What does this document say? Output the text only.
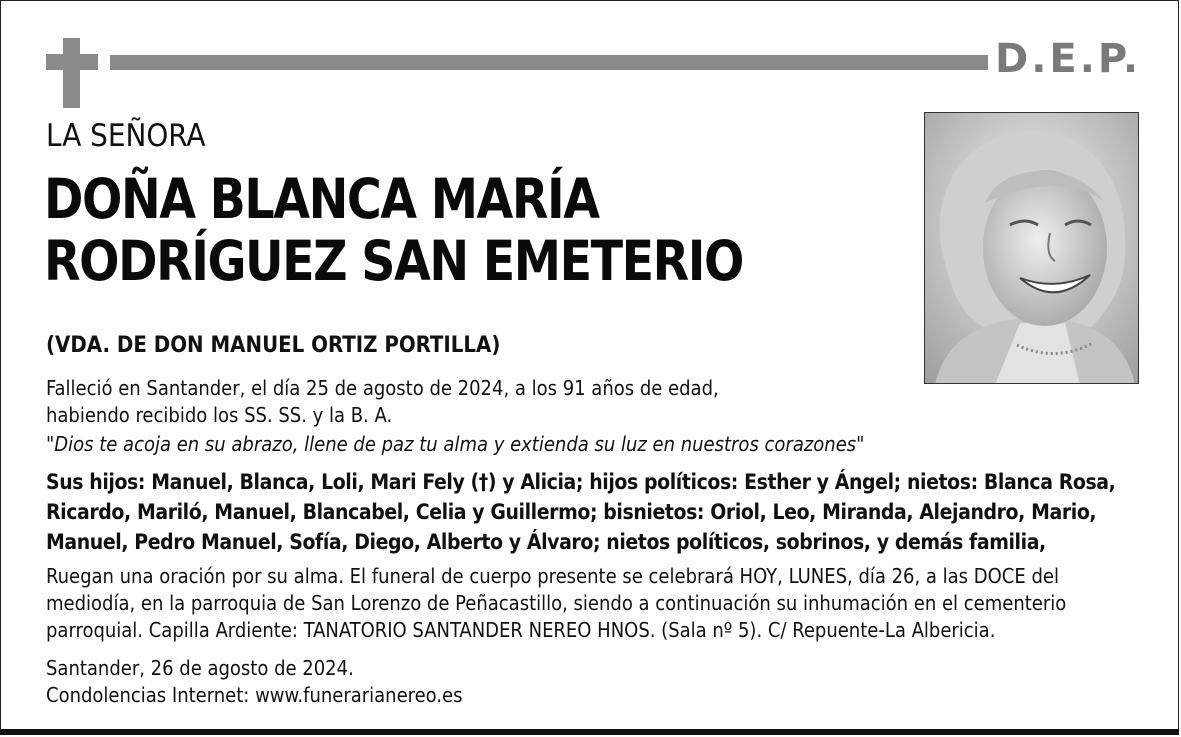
D.E.P.
LA SEÑORA
DOÑA BLANCA MARÍA
RODRÍGUEZ SAN EMETERIO
(VDA. DE DON MANUEL ORTIZ PORTILLA)
Falleció en Santander, el día 25 de agosto de 2024, a los 91 años de edad,
habiendo recibido los SS. SS. y la B. A.
"Dios te acoja en su abrazo, llene de paz tu alma y extienda su luz en nuestros corazones"
Sus hijos: Manuel, Blanca, Loli, Mari Fely (†) y Alicia; hijos políticos: Esther y Ángel; nietos: Blanca Rosa,
Ricardo, Mariló, Manuel, Blancabel, Celia y Guillermo; bisnietos: Oriol, Leo, Miranda, Alejandro, Mario,
Manuel, Pedro Manuel, Sofía, Diego, Alberto y Álvaro; nietos políticos, sobrinos, y demás familia,
Ruegan una oración por su alma. El funeral de cuerpo presente se celebrará HOY, LUNES, día 26, a las DOCE del
mediodía, en la parroquia de San Lorenzo de Peñacastillo, siendo a continuación su inhumación en el cementerio
parroquial. Capilla Ardiente: TANATORIO SANTANDER NEREO HNOS. (Sala nº 5). C/ Repuente-La Albericia.
Santander, 26 de agosto de 2024.
Condolencias Internet: www.funerarianereo.es
